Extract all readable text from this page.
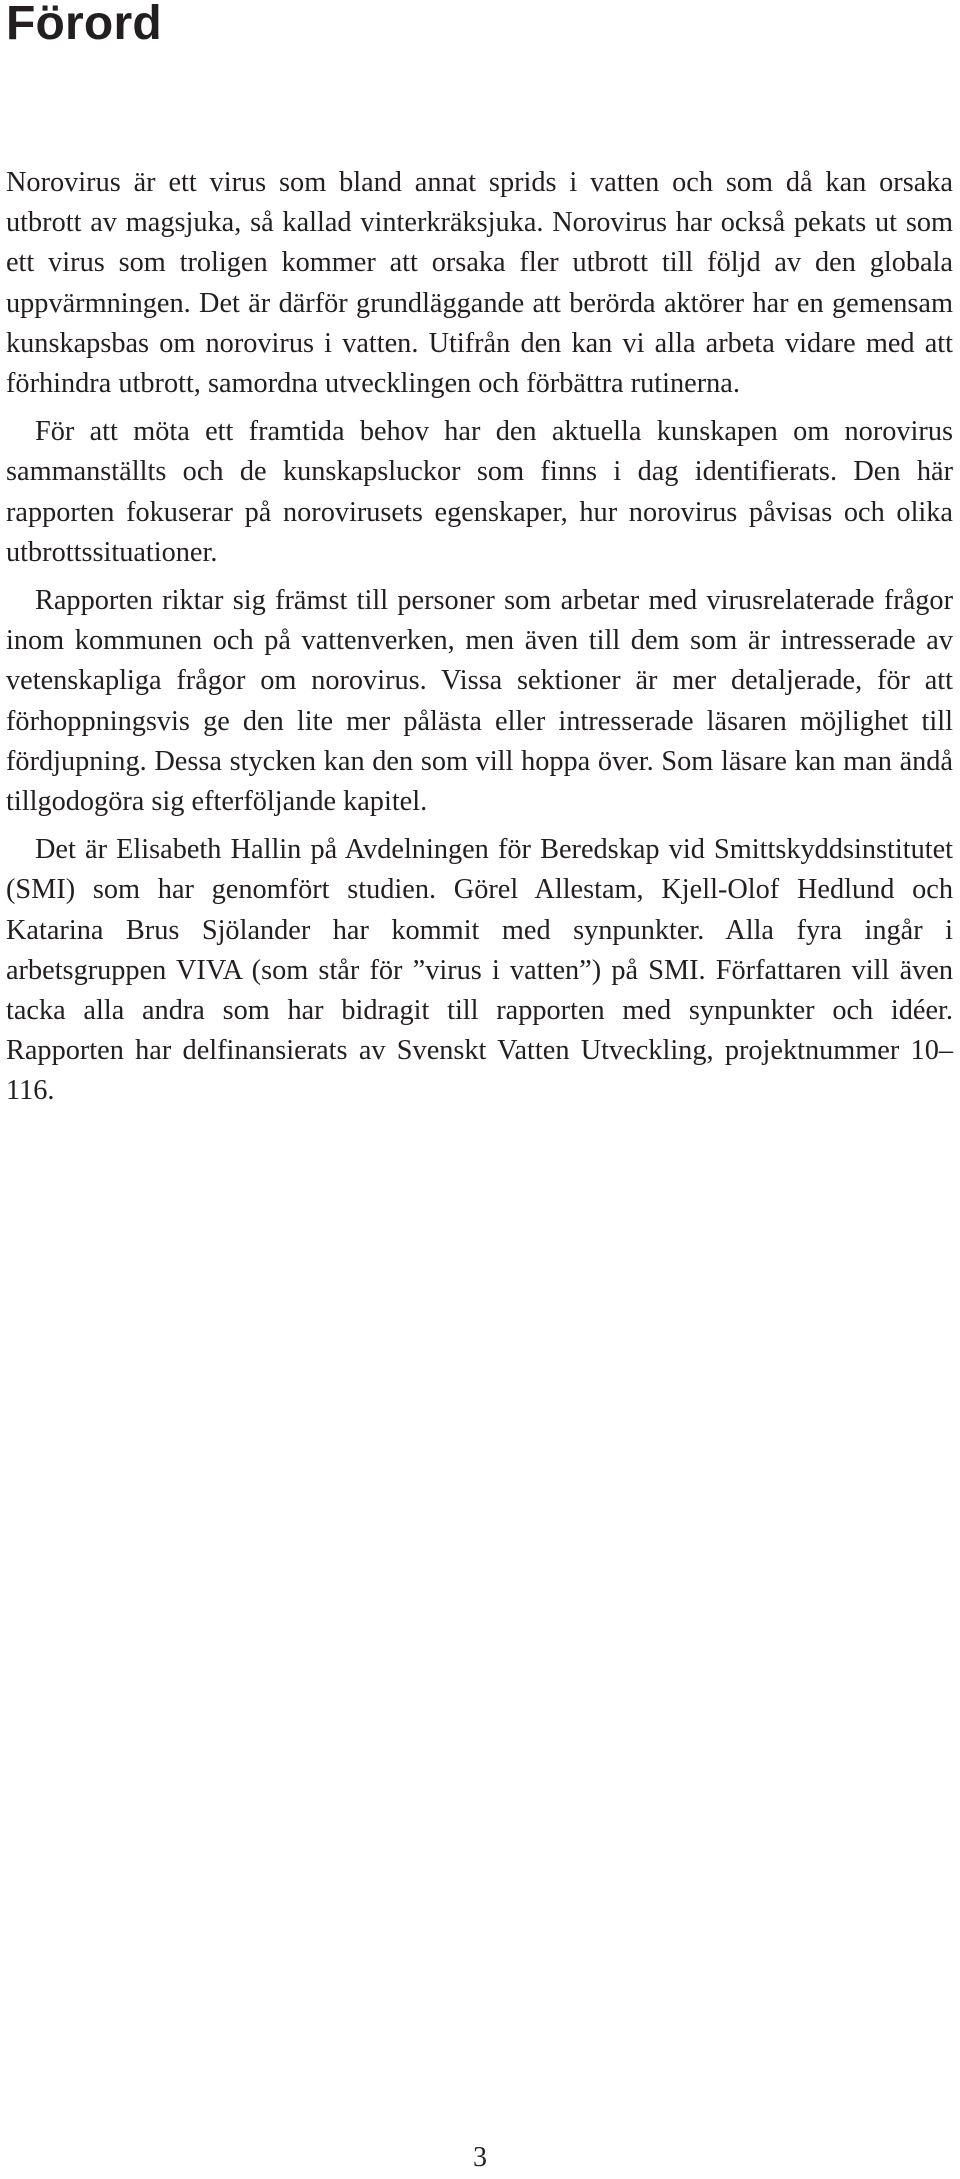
Förord

Norovirus är ett virus som bland annat sprids i vatten och som då kan orsaka utbrott av magsjuka, så kallad vinterkräksjuka. Norovirus har också pekats ut som ett virus som troligen kommer att orsaka fler utbrott till följd av den globala uppvärmningen. Det är därför grundläggande att berörda aktörer har en gemensam kunskapsbas om norovirus i vatten. Utifrån den kan vi alla arbeta vidare med att förhindra utbrott, samordna utvecklingen och förbättra rutinerna.

För att möta ett framtida behov har den aktuella kunskapen om norovirus sammanställts och de kunskapsluckor som finns i dag identifierats. Den här rapporten fokuserar på norovirusets egenskaper, hur norovirus påvisas och olika utbrottssituationer.

Rapporten riktar sig främst till personer som arbetar med virusrelaterade frågor inom kommunen och på vattenverken, men även till dem som är intresserade av vetenskapliga frågor om norovirus. Vissa sektioner är mer detaljerade, för att förhoppningsvis ge den lite mer pålästa eller intresserade läsaren möjlighet till fördjupning. Dessa stycken kan den som vill hoppa över. Som läsare kan man ändå tillgodogöra sig efterföljande kapitel.

Det är Elisabeth Hallin på Avdelningen för Beredskap vid Smittskyddsinstitutet (SMI) som har genomfört studien. Görel Allestam, Kjell-Olof Hedlund och Katarina Brus Sjölander har kommit med synpunkter. Alla fyra ingår i arbetsgruppen VIVA (som står för ”virus i vatten”) på SMI. Författaren vill även tacka alla andra som har bidragit till rapporten med synpunkter och idéer. Rapporten har delfinansierats av Svenskt Vatten Utveckling, projektnummer 10–116.

3
